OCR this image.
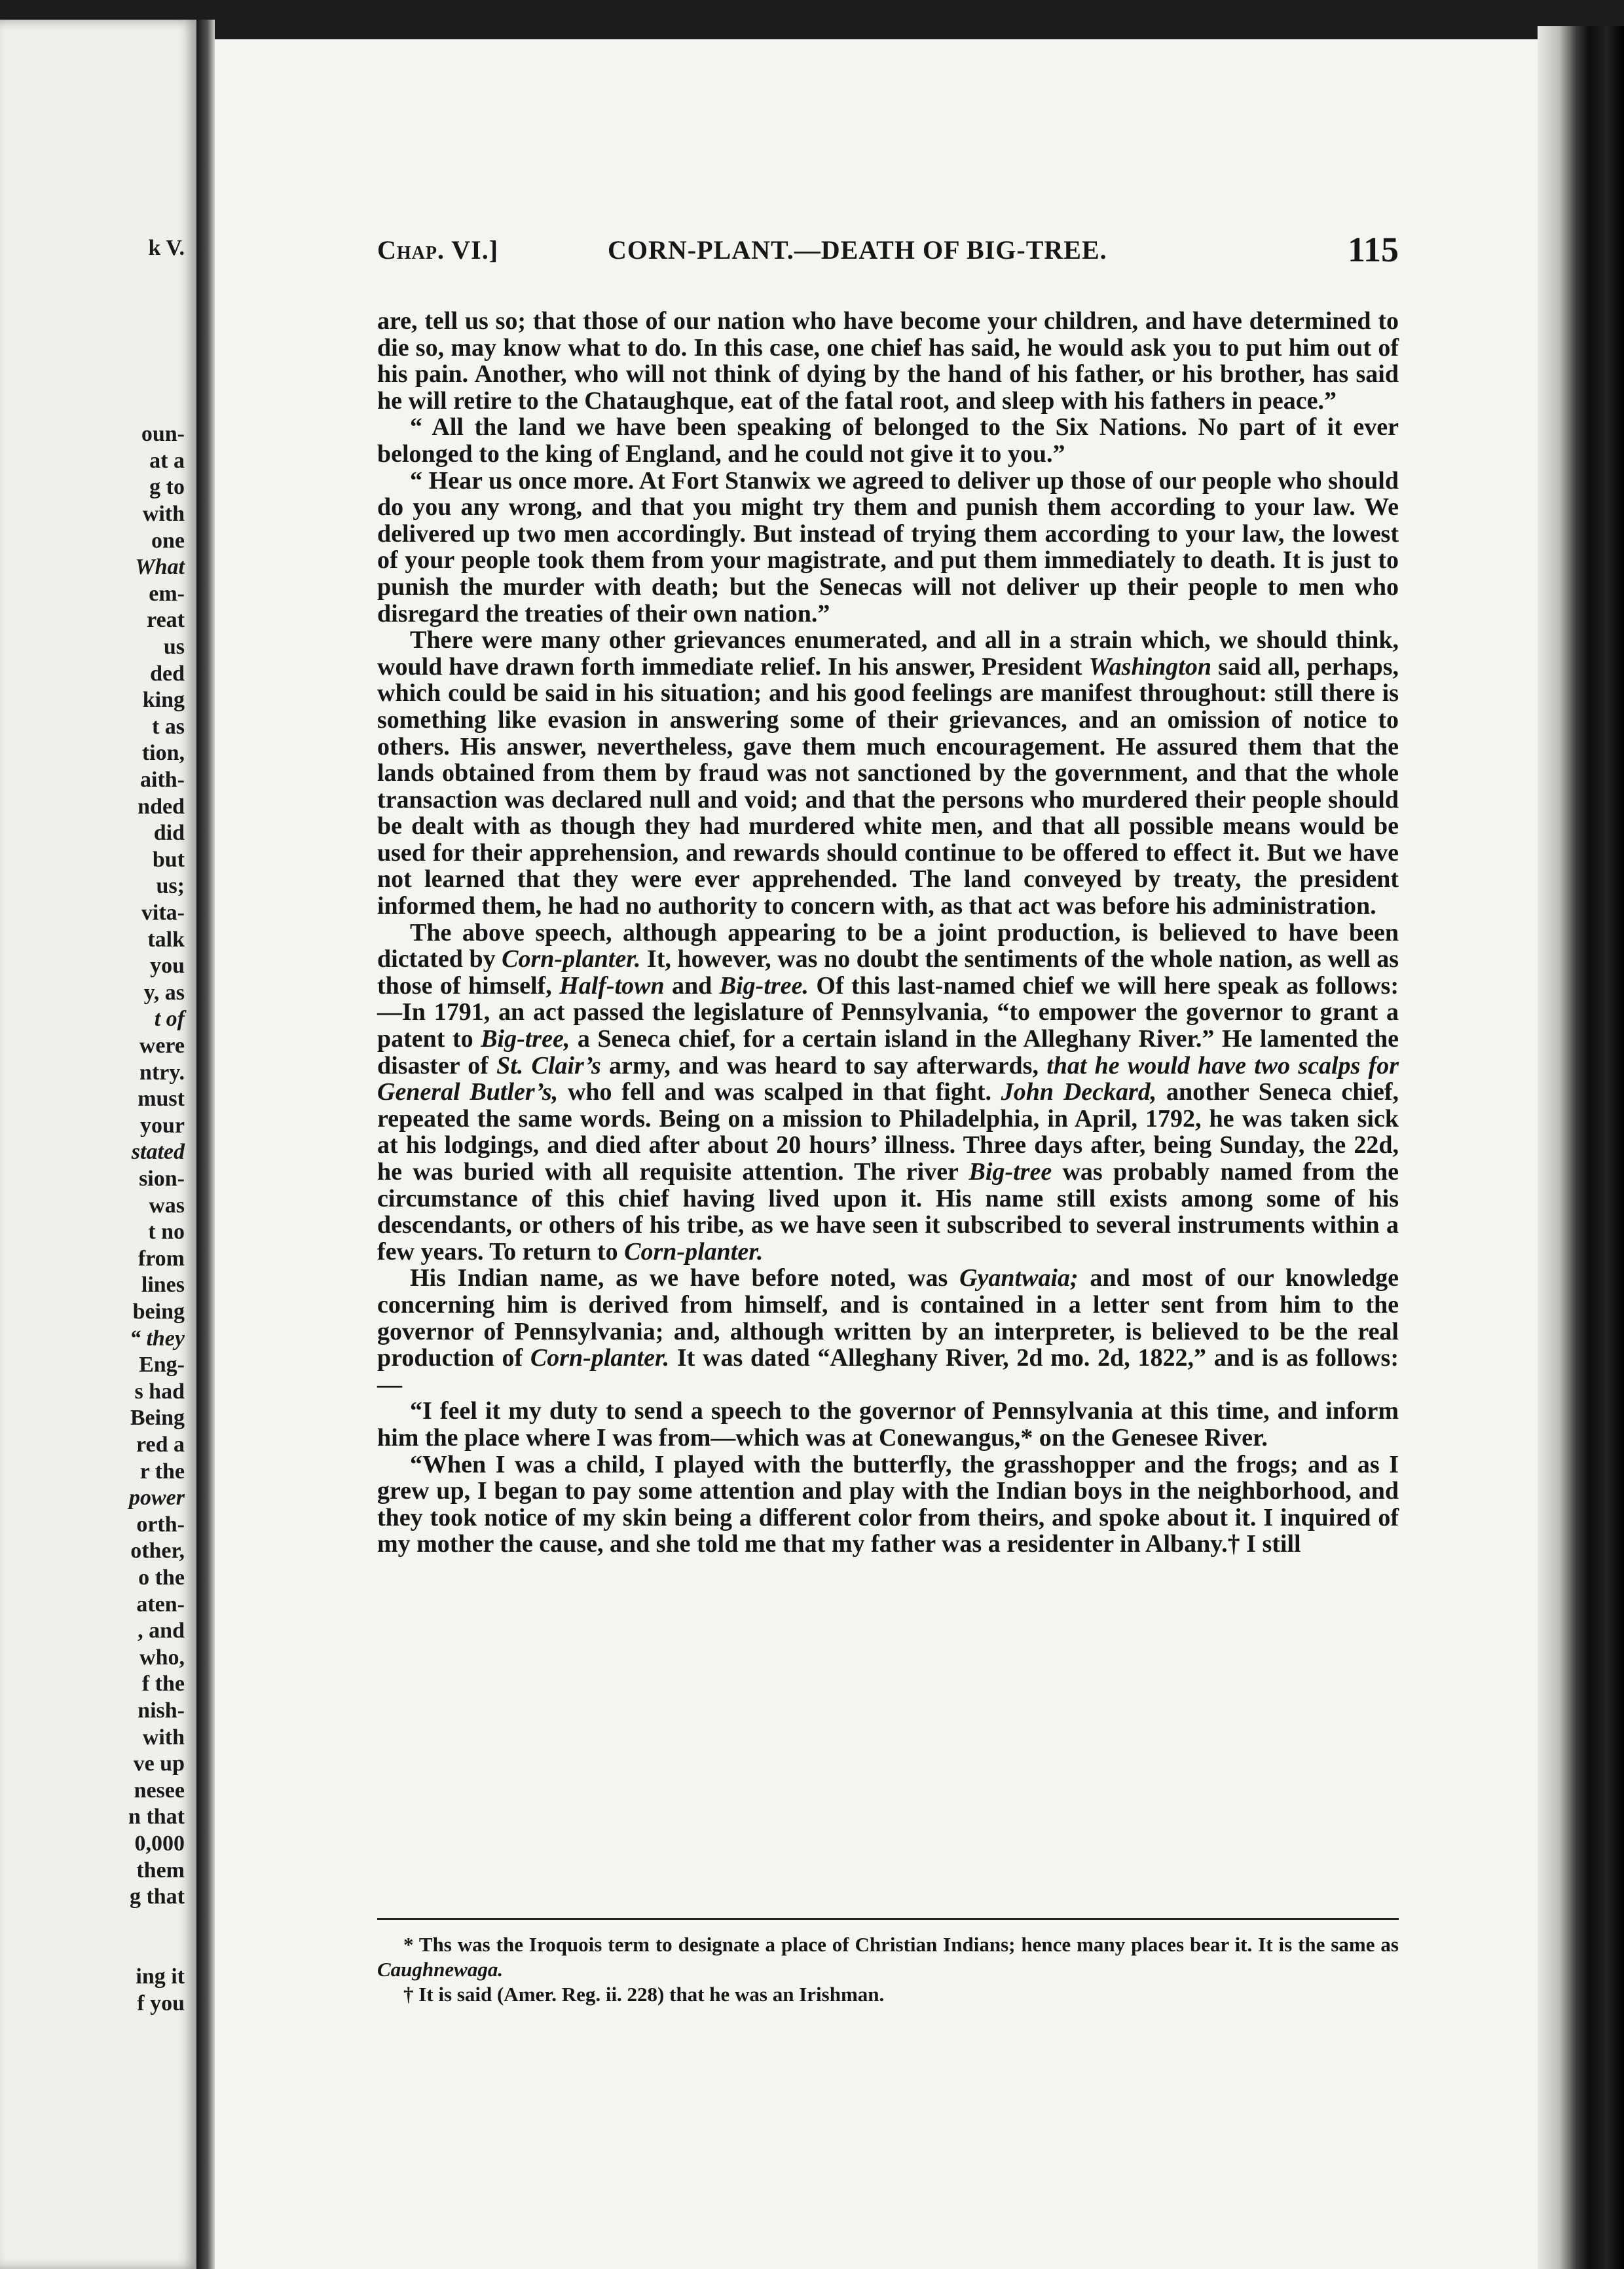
k V.
oun-
at a
g to
with
one
What
em-
reat
us
ded
king
t as
tion,
aith-
nded
did
but
us;
vita-
talk
you
y, as
t of
were
ntry.
must
your
stated
sion-
was
t no
from
lines
being
“ they
Eng-
s had
Being
red a
r the
power
orth-
other,
o the
aten-
, and
who,
f the
nish-
with
ve up
nesee
n that
0,000
them
g that
ing it
f you
Chap. VI.]	CORN-PLANT.—DEATH OF BIG-TREE.	115

are, tell us so; that those of our nation who have become your children, and have determined to die so, may know what to do. In this case, one chief has said, he would ask you to put him out of his pain. Another, who will not think of dying by the hand of his father, or his brother, has said he will retire to the Chataughque, eat of the fatal root, and sleep with his fathers in peace.”

“ All the land we have been speaking of belonged to the Six Nations. No part of it ever belonged to the king of England, and he could not give it to you.”

“ Hear us once more. At Fort Stanwix we agreed to deliver up those of our people who should do you any wrong, and that you might try them and punish them according to your law. We delivered up two men accordingly. But instead of trying them according to your law, the lowest of your people took them from your magistrate, and put them immediately to death. It is just to punish the murder with death; but the Senecas will not deliver up their people to men who disregard the treaties of their own nation.”

There were many other grievances enumerated, and all in a strain which, we should think, would have drawn forth immediate relief. In his answer, President Washington said all, perhaps, which could be said in his situation; and his good feelings are manifest throughout: still there is something like evasion in answering some of their grievances, and an omission of notice to others. His answer, nevertheless, gave them much encouragement. He assured them that the lands obtained from them by fraud was not sanctioned by the government, and that the whole transaction was declared null and void; and that the persons who murdered their people should be dealt with as though they had murdered white men, and that all possible means would be used for their apprehension, and rewards should continue to be offered to effect it. But we have not learned that they were ever apprehended. The land conveyed by treaty, the president informed them, he had no authority to concern with, as that act was before his administration.

The above speech, although appearing to be a joint production, is believed to have been dictated by Corn-planter. It, however, was no doubt the sentiments of the whole nation, as well as those of himself, Half-town and Big-tree. Of this last-named chief we will here speak as follows:—In 1791, an act passed the legislature of Pennsylvania, “to empower the governor to grant a patent to Big-tree, a Seneca chief, for a certain island in the Alleghany River.” He lamented the disaster of St. Clair’s army, and was heard to say afterwards, that he would have two scalps for General Butler’s, who fell and was scalped in that fight. John Deckard, another Seneca chief, repeated the same words. Being on a mission to Philadelphia, in April, 1792, he was taken sick at his lodgings, and died after about 20 hours’ illness. Three days after, being Sunday, the 22d, he was buried with all requisite attention. The river Big-tree was probably named from the circumstance of this chief having lived upon it. His name still exists among some of his descendants, or others of his tribe, as we have seen it subscribed to several instruments within a few years. To return to Corn-planter.

His Indian name, as we have before noted, was Gyantwaia; and most of our knowledge concerning him is derived from himself, and is contained in a letter sent from him to the governor of Pennsylvania; and, although written by an interpreter, is believed to be the real production of Corn-planter. It was dated “Alleghany River, 2d mo. 2d, 1822,” and is as follows:—

“I feel it my duty to send a speech to the governor of Pennsylvania at this time, and inform him the place where I was from—which was at Conewangus,* on the Genesee River.

“When I was a child, I played with the butterfly, the grasshopper and the frogs; and as I grew up, I began to pay some attention and play with the Indian boys in the neighborhood, and they took notice of my skin being a different color from theirs, and spoke about it. I inquired of my mother the cause, and she told me that my father was a residenter in Albany.† I still

* Ths was the Iroquois term to designate a place of Christian Indians; hence many places bear it. It is the same as Caughnewaga.

† It is said (Amer. Reg. ii. 228) that he was an Irishman.
